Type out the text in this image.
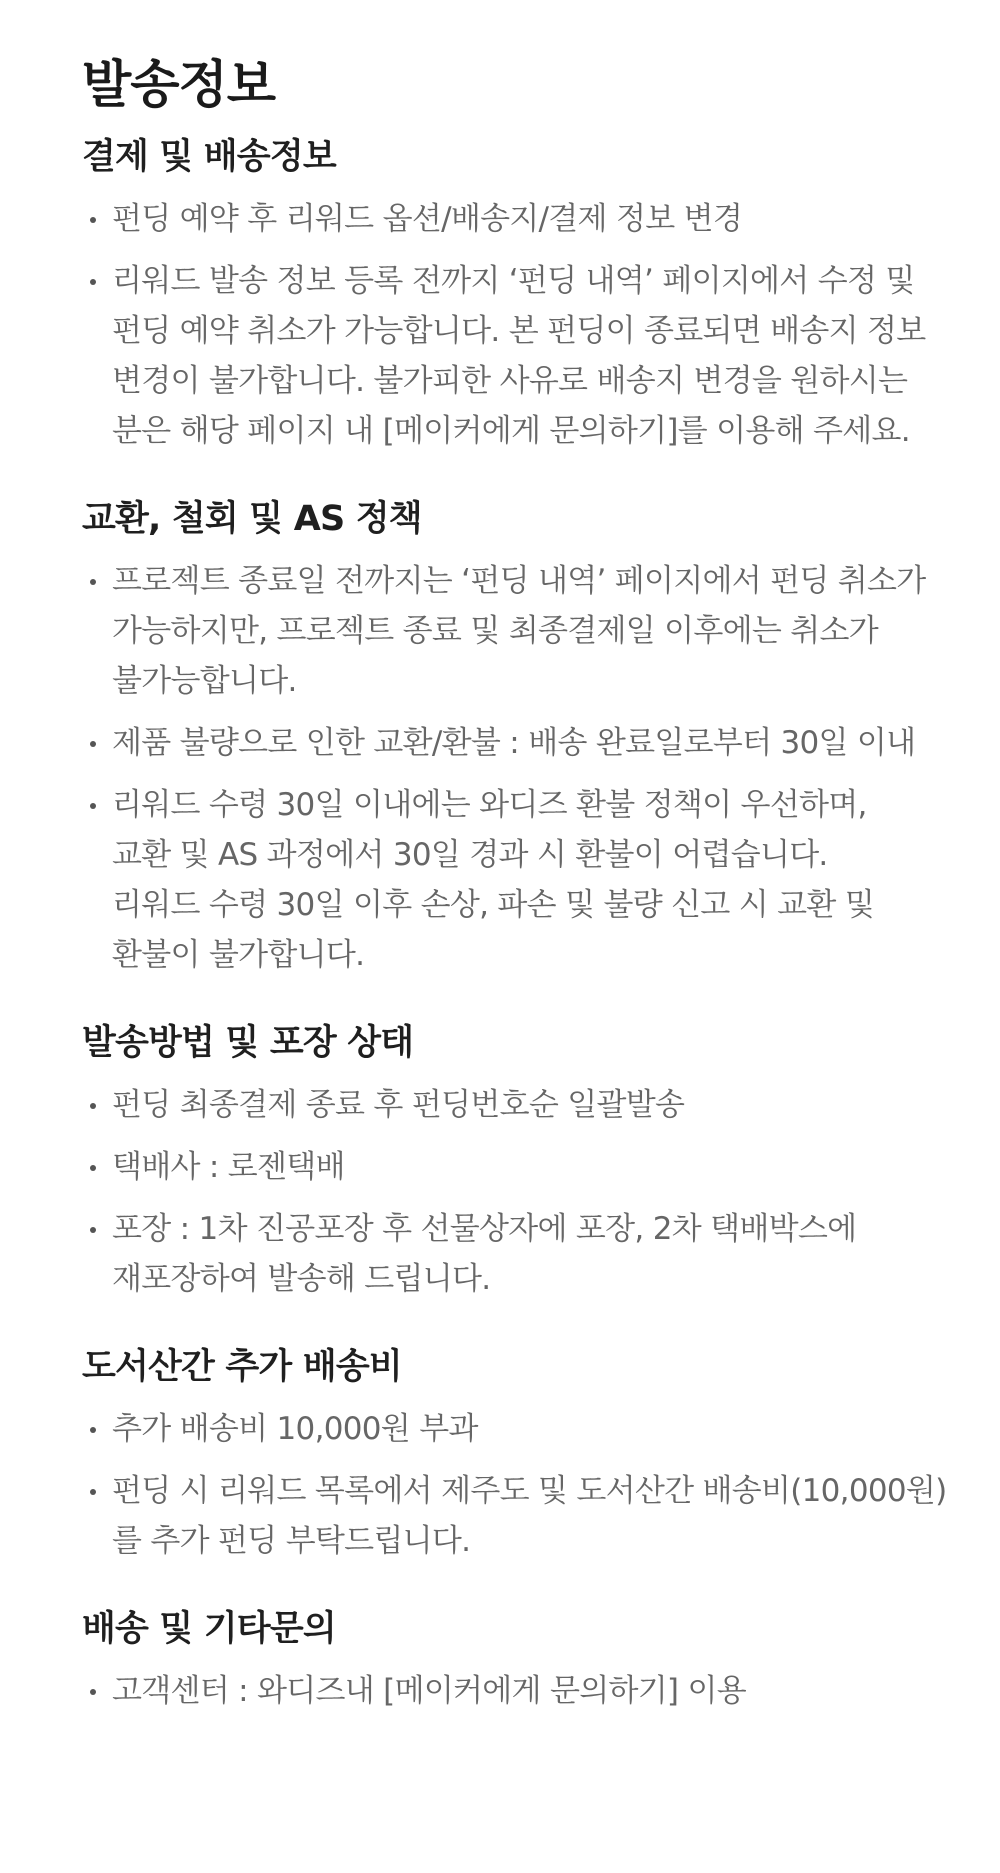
발송정보
결제 및 배송정보
펀딩 예약 후 리워드 옵션/배송지/결제 정보 변경
리워드 발송 정보 등록 전까지 ‘펀딩 내역’ 페이지에서 수정 및
펀딩 예약 취소가 가능합니다. 본 펀딩이 종료되면 배송지 정보
변경이 불가합니다. 불가피한 사유로 배송지 변경을 원하시는
분은 해당 페이지 내 [메이커에게 문의하기]를 이용해 주세요.
교환, 철회 및 AS 정책
프로젝트 종료일 전까지는 ‘펀딩 내역’ 페이지에서 펀딩 취소가
가능하지만, 프로젝트 종료 및 최종결제일 이후에는 취소가
불가능합니다.
제품 불량으로 인한 교환/환불 : 배송 완료일로부터 30일 이내
리워드 수령 30일 이내에는 와디즈 환불 정책이 우선하며,
교환 및 AS 과정에서 30일 경과 시 환불이 어렵습니다.
리워드 수령 30일 이후 손상, 파손 및 불량 신고 시 교환 및
환불이 불가합니다.
발송방법 및 포장 상태
펀딩 최종결제 종료 후 펀딩번호순 일괄발송
택배사 : 로젠택배
포장 : 1차 진공포장 후 선물상자에 포장, 2차 택배박스에
재포장하여 발송해 드립니다.
도서산간 추가 배송비
추가 배송비 10,000원 부과
펀딩 시 리워드 목록에서 제주도 및 도서산간 배송비(10,000원)
를 추가 펀딩 부탁드립니다.
배송 및 기타문의
고객센터 : 와디즈내 [메이커에게 문의하기] 이용
